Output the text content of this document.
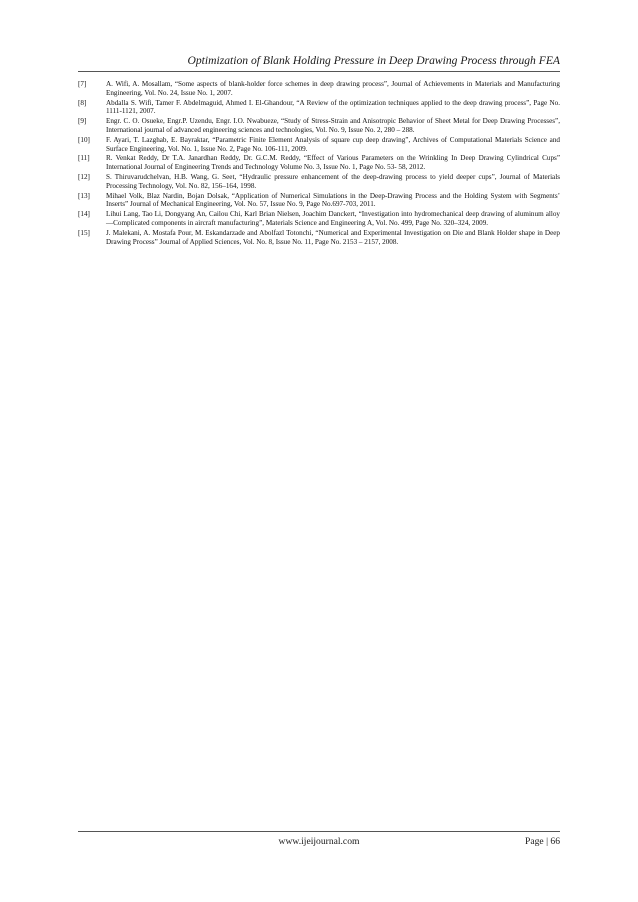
Optimization of Blank Holding Pressure in Deep Drawing Process through FEA
[7]	A. Wifi, A. Mosallam, “Some aspects of blank-holder force schemes in deep drawing process”, Journal of Achievements in Materials and Manufacturing Engineering, Vol. No. 24, Issue No. 1, 2007.
[8]	Abdalla S. Wifi, Tamer F. Abdelmaguid, Ahmed I. El-Ghandour, “A Review of the optimization techniques applied to the deep drawing process”, Page No. 1111-1121, 2007.
[9]	Engr. C. O. Osueke, Engr.P. Uzendu, Engr. I.O. Nwabueze, “Study of Stress-Strain and Anisotropic Behavior of Sheet Metal for Deep Drawing Processes”, International journal of advanced engineering sciences and technologies, Vol. No. 9, Issue No. 2, 280 – 288.
[10]	F. Ayari, T. Lazghab, E. Bayraktar, “Parametric Finite Element Analysis of square cup deep drawing”, Archives of Computational Materials Science and Surface Engineering, Vol. No. 1, Issue No. 2, Page No. 106-111, 2009.
[11]	R. Venkat Reddy, Dr T.A. Janardhan Reddy, Dr. G.C.M. Reddy, “Effect of Various Parameters on the Wrinkling In Deep Drawing Cylindrical Cups” International Journal of Engineering Trends and Technology Volume No. 3, Issue No. 1, Page No. 53- 58, 2012.
[12]	S. Thiruvarudchelvan, H.B. Wang, G. Seet, “Hydraulic pressure enhancement of the deep-drawing process to yield deeper cups”, Journal of Materials Processing Technology, Vol. No. 82, 156–164, 1998.
[13]	Mihael Volk, Blaz Nardin, Bojan Dolsak, “Application of Numerical Simulations in the Deep-Drawing Process and the Holding System with Segments’ Inserts” Journal of Mechanical Engineering, Vol. No. 57, Issue No. 9, Page No.697-703, 2011.
[14]	Lihui Lang, Tao Li, Dongyang An, Cailou Chi, Karl Brian Nielsen, Joachim Danckert, “Investigation into hydromechanical deep drawing of aluminum alloy—Complicated components in aircraft manufacturing”, Materials Science and Engineering A, Vol. No. 499, Page No. 320–324, 2009.
[15]	J. Malekani, A. Mostafa Pour, M. Eskandarzade and Abolfazl Totonchi, “Numerical and Experimental Investigation on Die and Blank Holder shape in Deep Drawing Process” Journal of Applied Sciences, Vol. No. 8, Issue No. 11, Page No. 2153 – 2157, 2008.
www.ijeijournal.com	Page | 66
